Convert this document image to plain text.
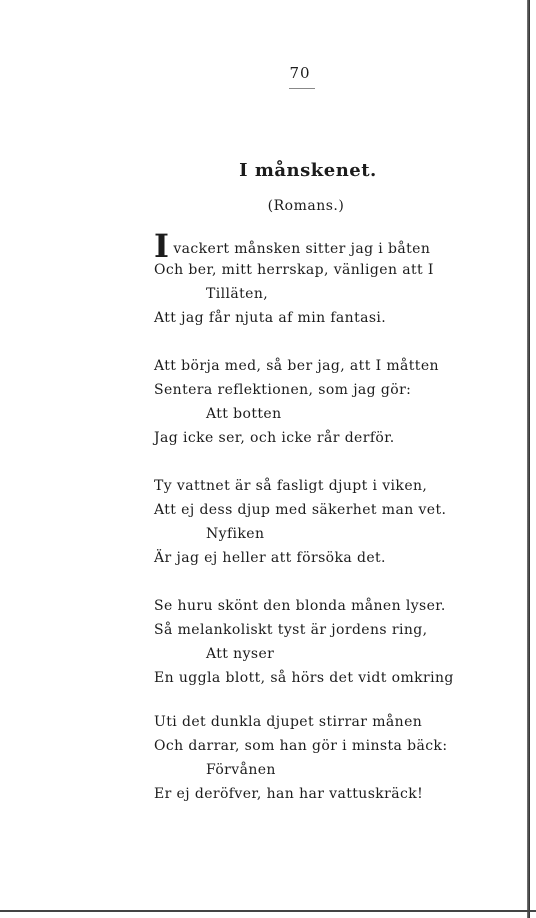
70
I månskenet.
(Romans.)
Ivackert månsken sitter jag i båten
Och ber, mitt herrskap, vänligen att I
Tilläten,
Att jag får njuta af min fantasi.
Att börja med, så ber jag, att I måtten
Sentera reflektionen, som jag gör:
Att botten
Jag icke ser, och icke rår derför.
Ty vattnet är så fasligt djupt i viken,
Att ej dess djup med säkerhet man vet.
Nyfiken
Är jag ej heller att försöka det.
Se huru skönt den blonda månen lyser.
Så melankoliskt tyst är jordens ring,
Att nyser
En uggla blott, så hörs det vidt omkring
Uti det dunkla djupet stirrar månen
Och darrar, som han gör i minsta bäck:
Förvånen
Er ej deröfver, han har vattuskräck!
